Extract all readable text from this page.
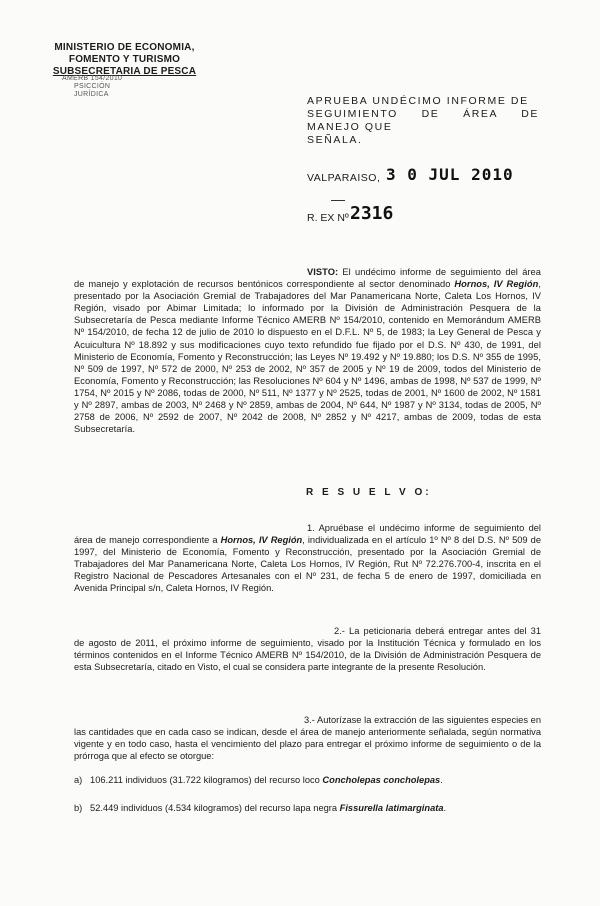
MINISTERIO DE ECONOMIA,
FOMENTO Y TURISMO
SUBSECRETARIA DE PESCA
AMERB 154/2010
PSICCIÓN
JURÍDICA
APRUEBA UNDÉCIMO INFORME DE
SEGUIMIENTO DE ÁREA DE MANEJO QUE
SEÑALA.
VALPARAISO, 3 0 JUL 2010
R. EX Nº 2316

VISTO: El undécimo informe de seguimiento del área de manejo y explotación de recursos bentónicos correspondiente al sector denominado Hornos, IV Región, presentado por la Asociación Gremial de Trabajadores del Mar Panamericana Norte, Caleta Los Hornos, IV Región, visado por Abimar Limitada; lo informado por la División de Administración Pesquera de la Subsecretaría de Pesca mediante Informe Técnico AMERB Nº 154/2010, contenido en Memorándum AMERB Nº 154/2010, de fecha 12 de julio de 2010 lo dispuesto en el D.F.L. Nº 5, de 1983; la Ley General de Pesca y Acuicultura Nº 18.892 y sus modificaciones cuyo texto refundido fue fijado por el D.S. Nº 430, de 1991, del Ministerio de Economía, Fomento y Reconstrucción; las Leyes Nº 19.492 y Nº 19.880; los D.S. Nº 355 de 1995, Nº 509 de 1997, Nº 572 de 2000, Nº 253 de 2002, Nº 357 de 2005 y Nº 19 de 2009, todos del Ministerio de Economía, Fomento y Reconstrucción; las Resoluciones Nº 604 y Nº 1496, ambas de 1998, Nº 537 de 1999, Nº 1754, Nº 2015 y Nº 2086, todas de 2000, Nº 511, Nº 1377 y Nº 2525, todas de 2001, Nº 1600 de 2002, Nº 1581 y Nº 2897, ambas de 2003, Nº 2468 y Nº 2859, ambas de 2004, Nº 644, Nº 1987 y Nº 3134, todas de 2005, Nº 2758 de 2006, Nº 2592 de 2007, Nº 2042 de 2008, Nº 2852 y Nº 4217, ambas de 2009, todas de esta Subsecretaría.

R E S U E L V O:

1. Apruébase el undécimo informe de seguimiento del área de manejo correspondiente a Hornos, IV Región, individualizada en el artículo 1º Nº 8 del D.S. Nº 509 de 1997, del Ministerio de Economía, Fomento y Reconstrucción, presentado por la Asociación Gremial de Trabajadores del Mar Panamericana Norte, Caleta Los Hornos, IV Región, Rut Nº 72.276.700-4, inscrita en el Registro Nacional de Pescadores Artesanales con el Nº 231, de fecha 5 de enero de 1997, domiciliada en Avenida Principal s/n, Caleta Hornos, IV Región.

2.- La peticionaria deberá entregar antes del 31 de agosto de 2011, el próximo informe de seguimiento, visado por la Institución Técnica y formulado en los términos contenidos en el Informe Técnico AMERB Nº 154/2010, de la División de Administración Pesquera de esta Subsecretaría, citado en Visto, el cual se considera parte integrante de la presente Resolución.

3.- Autorízase la extracción de las siguientes especies en las cantidades que en cada caso se indican, desde el área de manejo anteriormente señalada, según normativa vigente y en todo caso, hasta el vencimiento del plazo para entregar el próximo informe de seguimiento o de la prórroga que al efecto se otorgue:

a) 106.211 individuos (31.722 kilogramos) del recurso loco Concholepas concholepas.
b) 52.449 individuos (4.534 kilogramos) del recurso lapa negra Fissurella latimarginata.
